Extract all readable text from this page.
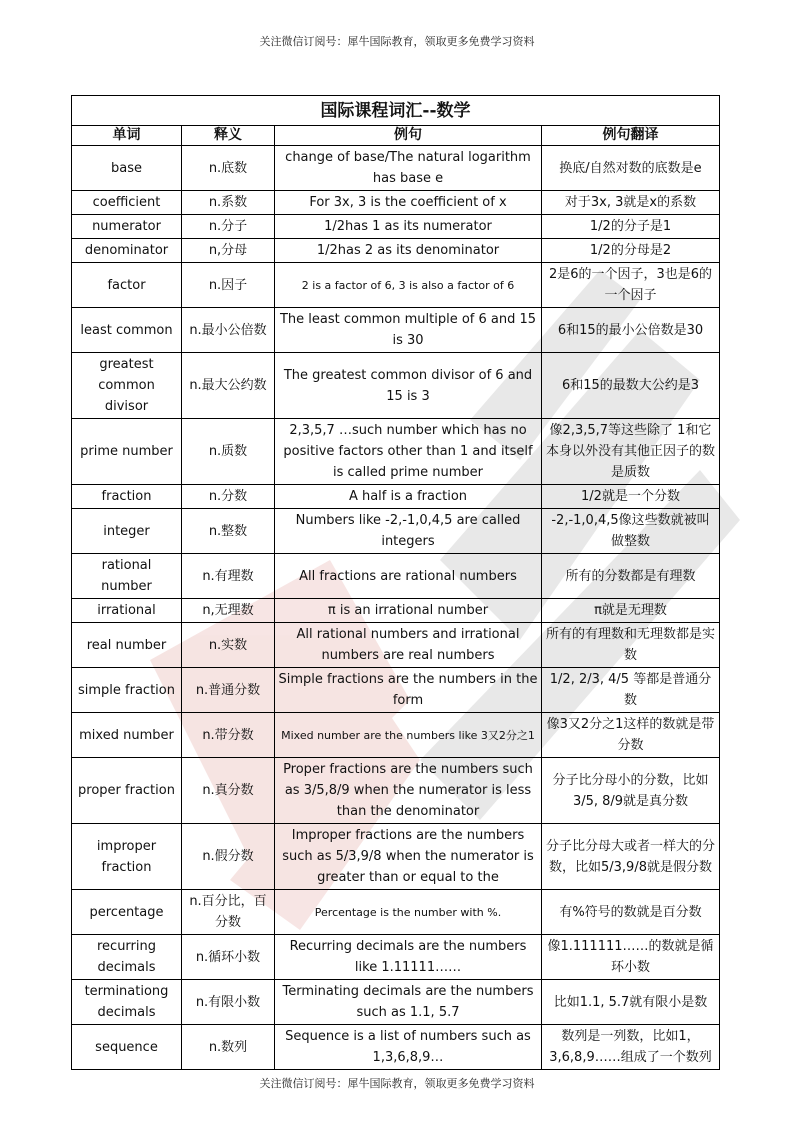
关注微信订阅号：犀牛国际教育，领取更多免费学习资料
国际课程词汇--数学			
单词	释义	例句	例句翻译
base	n.底数	change of base/The natural logarithm has base e	换底/自然对数的底数是e
coefficient	n.系数	For 3x, 3 is the coefficient of x	对于3x, 3就是x的系数
numerator	n.分子	1/2has 1 as its numerator	1/2的分子是1
denominator	n,分母	1/2has 2 as its denominator	1/2的分母是2
factor	n.因子	2 is a factor of 6, 3 is also a factor of 6	2是6的一个因子，3也是6的一个因子
least common	n.最小公倍数	The least common multiple of 6 and 15 is 30	6和15的最小公倍数是30
greatest common divisor	n.最大公约数	The greatest common divisor of 6 and 15 is 3	6和15的最数大公约是3
prime number	n.质数	2,3,5,7 …such number which has no positive factors other than 1 and itself is called prime number	像2,3,5,7等这些除了 1和它本身以外没有其他正因子的数是质数
fraction	n.分数	A half is a fraction	1/2就是一个分数
integer	n.整数	Numbers like -2,-1,0,4,5 are called integers	-2,-1,0,4,5像这些数就被叫做整数
rational number	n.有理数	All fractions are rational numbers	所有的分数都是有理数
irrational	n,无理数	π is an irrational number	π就是无理数
real number	n.实数	All rational numbers and irrational numbers are real numbers	所有的有理数和无理数都是实数
simple fraction	n.普通分数	Simple fractions are the numbers in the form	1/2, 2/3, 4/5 等都是普通分数
mixed number	n.带分数	Mixed number are the numbers like 3又2分之1	像3又2分之1这样的数就是带分数
proper fraction	n.真分数	Proper fractions are the numbers such as 3/5,8/9 when the numerator is less than the denominator	分子比分母小的分数，比如3/5, 8/9就是真分数
improper fraction	n.假分数	Improper fractions are the numbers such as 5/3,9/8 when the numerator is greater than or equal to the	分子比分母大或者一样大的分数，比如5/3,9/8就是假分数
percentage	n.百分比，百分数	Percentage is the number with %.	有%符号的数就是百分数
recurring decimals	n.循环小数	Recurring decimals are the numbers like 1.11111……	像1.111111……的数就是循环小数
terminationg decimals	n.有限小数	Terminating decimals are the numbers such as 1.1, 5.7	比如1.1, 5.7就有限小是数
sequence	n.数列	Sequence is a list of numbers such as 1,3,6,8,9…	数列是一列数，比如1，3,6,8,9……组成了一个数列
关注微信订阅号：犀牛国际教育，领取更多免费学习资料
